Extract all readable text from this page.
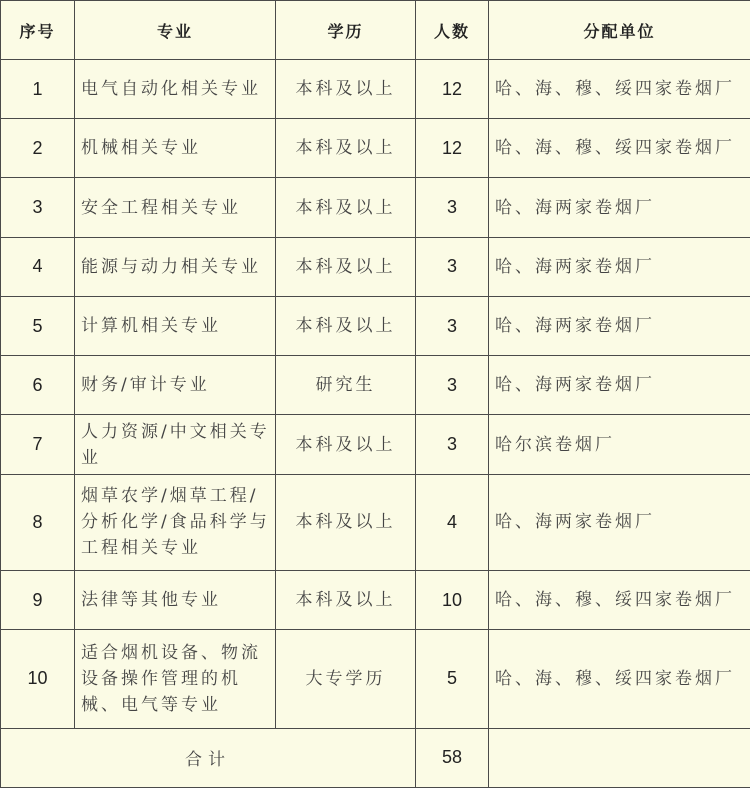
序号	专业	学历	人数	分配单位
1	电气自动化相关专业	本科及以上	12	哈、海、穆、绥四家卷烟厂
2	机械相关专业	本科及以上	12	哈、海、穆、绥四家卷烟厂
3	安全工程相关专业	本科及以上	3	哈、海两家卷烟厂
4	能源与动力相关专业	本科及以上	3	哈、海两家卷烟厂
5	计算机相关专业	本科及以上	3	哈、海两家卷烟厂
6	财务/审计专业	研究生	3	哈、海两家卷烟厂
7	人力资源/中文相关专业	本科及以上	3	哈尔滨卷烟厂
8	烟草农学/烟草工程/分析化学/食品科学与工程相关专业	本科及以上	4	哈、海两家卷烟厂
9	法律等其他专业	本科及以上	10	哈、海、穆、绥四家卷烟厂
10	适合烟机设备、物流设备操作管理的机械、电气等专业	大专学历	5	哈、海、穆、绥四家卷烟厂
合计			58	
